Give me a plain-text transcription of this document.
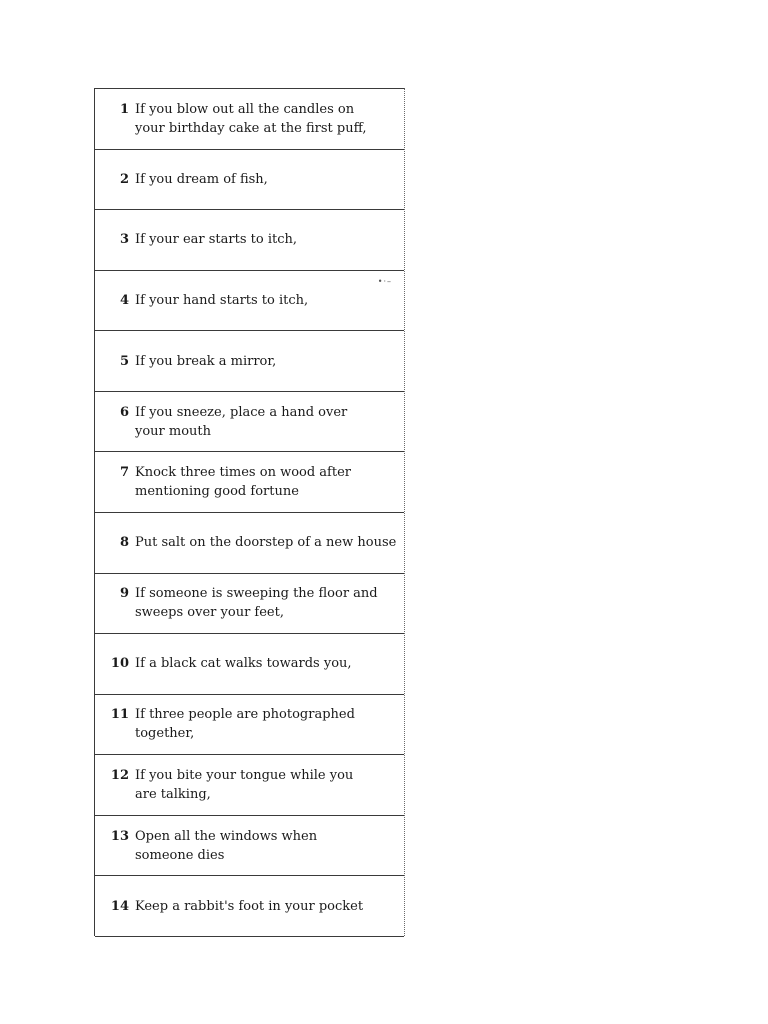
1 If you blow out all the candles on
your birthday cake at the first puff,
2 If you dream of fish,
3 If your ear starts to itch,
•·–
4 If your hand starts to itch,
5 If you break a mirror,
6 If you sneeze, place a hand over
your mouth
7 Knock three times on wood after
mentioning good fortune
8 Put salt on the doorstep of a new house
9 If someone is sweeping the floor and
sweeps over your feet,
10 If a black cat walks towards you,
11 If three people are photographed
together,
12 If you bite your tongue while you
are talking,
13 Open all the windows when
someone dies
14 Keep a rabbit's foot in your pocket
